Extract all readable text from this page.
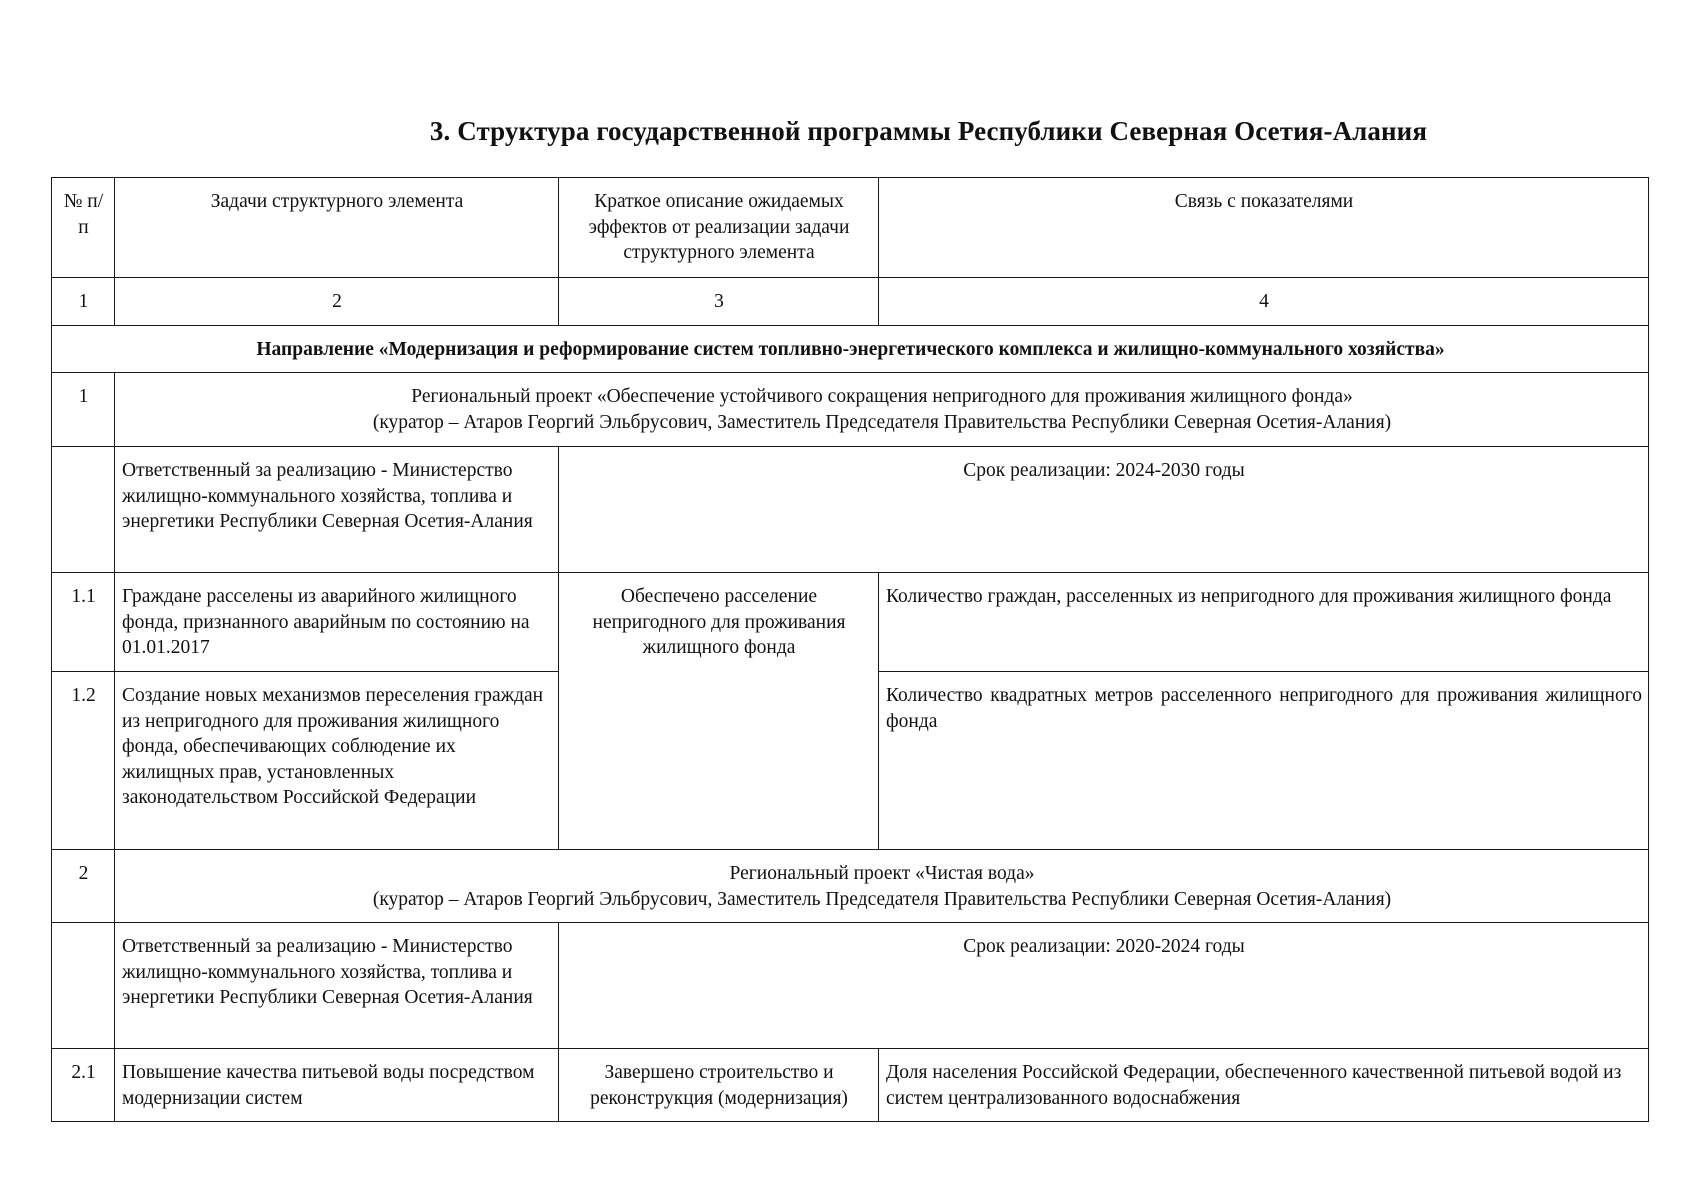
3. Структура государственной программы Республики Северная Осетия-Алания
№ п/п	Задачи структурного элемента	Краткое описание ожидаемых эффектов от реализации задачи структурного элемента	Связь с показателями
1	2	3	4
Направление «Модернизация и реформирование систем топливно-энергетического комплекса и жилищно-коммунального хозяйства»			
1	Региональный проект «Обеспечение устойчивого сокращения непригодного для проживания жилищного фонда»
(куратор – Атаров Георгий Эльбрусович, Заместитель Председателя Правительства Республики Северная Осетия-Алания)		

	Ответственный за реализацию - Министерство жилищно-коммунального хозяйства, топлива и энергетики Республики Северная Осетия-Алания	Срок реализации: 2024-2030 годы	
1.1	Граждане расселены из аварийного жилищного фонда, признанного аварийным по состоянию на 01.01.2017	Обеспечено расселение непригодного для проживания жилищного фонда	Количество граждан, расселенных из непригодного для проживания жилищного фонда
1.2	Создание новых механизмов переселения граждан из непригодного для проживания жилищного фонда, обеспечивающих соблюдение их жилищных прав, установленных законодательством Российской Федерации		Количество квадратных метров расселенного непригодного для проживания жилищного фонда
2	Региональный проект «Чистая вода»
(куратор – Атаров Георгий Эльбрусович, Заместитель Председателя Правительства Республики Северная Осетия-Алания)		

	Ответственный за реализацию - Министерство жилищно-коммунального хозяйства, топлива и энергетики Республики Северная Осетия-Алания	Срок реализации: 2020-2024 годы	
2.1	Повышение качества питьевой воды посредством модернизации систем	Завершено строительство и реконструкция (модернизация)	Доля населения Российской Федерации, обеспеченного качественной питьевой водой из систем централизованного водоснабжения
